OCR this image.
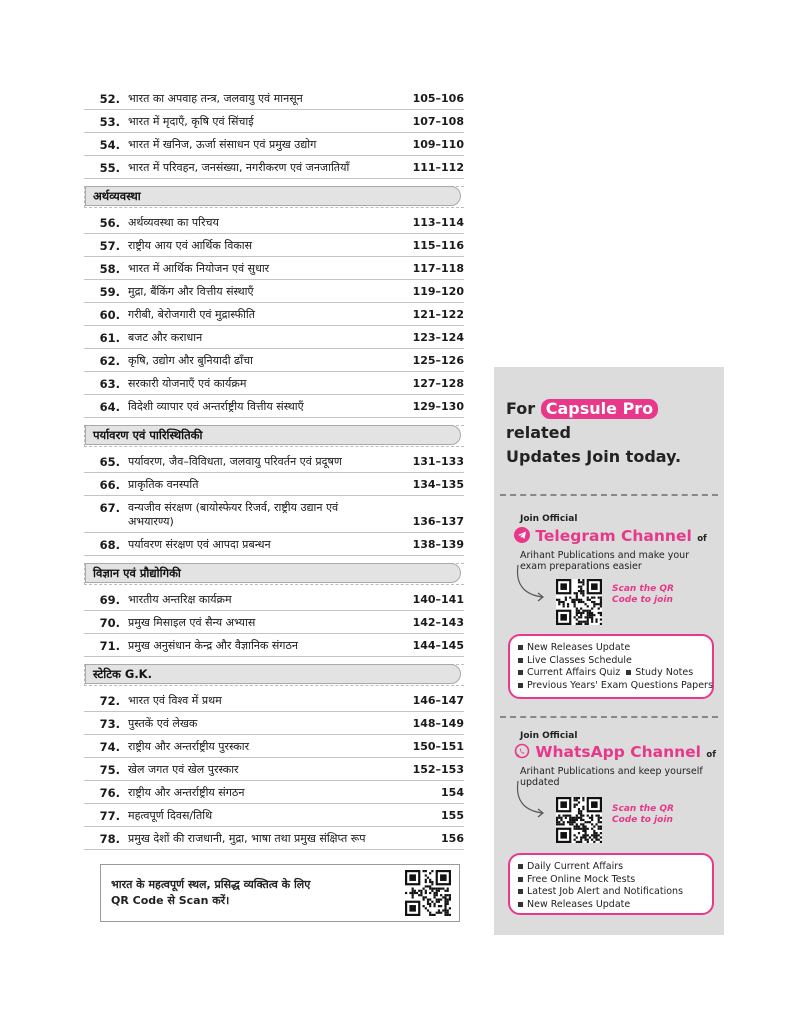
52. भारत का अपवाह तन्त्र, जलवायु एवं मानसून	105–106
53. भारत में मृदाएँ, कृषि एवं सिंचाई	107–108
54. भारत में खनिज, ऊर्जा संसाधन एवं प्रमुख उद्योग	109–110
55. भारत में परिवहन, जनसंख्या, नगरीकरण एवं जनजातियाँ	111–112
अर्थव्यवस्था
56. अर्थव्यवस्था का परिचय	113–114
57. राष्ट्रीय आय एवं आर्थिक विकास	115–116
58. भारत में आर्थिक नियोजन एवं सुधार	117–118
59. मुद्रा, बैंकिंग और वित्तीय संस्थाएँ	119–120
60. गरीबी, बेरोजगारी एवं मुद्रास्फीति	121–122
61. बजट और कराधान	123–124
62. कृषि, उद्योग और बुनियादी ढाँचा	125–126
63. सरकारी योजनाएँ एवं कार्यक्रम	127–128
64. विदेशी व्यापार एवं अन्तर्राष्ट्रीय वित्तीय संस्थाएँ	129–130
पर्यावरण एवं पारिस्थितिकी
65. पर्यावरण, जैव–विविधता, जलवायु परिवर्तन एवं प्रदूषण	131–133
66. प्राकृतिक वनस्पति	134–135
67. वन्यजीव संरक्षण (बायोस्फेयर रिजर्व, राष्ट्रीय उद्यान एवं अभयारण्य)	136–137
68. पर्यावरण संरक्षण एवं आपदा प्रबन्धन	138–139
विज्ञान एवं प्रौद्योगिकी
69. भारतीय अन्तरिक्ष कार्यक्रम	140–141
70. प्रमुख मिसाइल एवं सैन्य अभ्यास	142–143
71. प्रमुख अनुसंधान केन्द्र और वैज्ञानिक संगठन	144–145
स्टेटिक G.K.
72. भारत एवं विश्व में प्रथम	146–147
73. पुस्तकें एवं लेखक	148–149
74. राष्ट्रीय और अन्तर्राष्ट्रीय पुरस्कार	150–151
75. खेल जगत एवं खेल पुरस्कार	152–153
76. राष्ट्रीय और अन्तर्राष्ट्रीय संगठन	154
77. महत्वपूर्ण दिवस/तिथि	155
78. प्रमुख देशों की राजधानी, मुद्रा, भाषा तथा प्रमुख संक्षिप्त रूप	156
भारत के महत्वपूर्ण स्थल, प्रसिद्ध व्यक्तित्व के लिए
QR Code से Scan करें।
For Capsule Pro related
Updates Join today.
Join Official
Telegram Channel of
Arihant Publications and make your exam preparations easier
Scan the QR Code to join
New Releases Update
Live Classes Schedule
Current Affairs Quiz Study Notes
Previous Years' Exam Questions Papers
Join Official
WhatsApp Channel of
Arihant Publications and keep yourself updated
Scan the QR Code to join
Daily Current Affairs
Free Online Mock Tests
Latest Job Alert and Notifications
New Releases Update
